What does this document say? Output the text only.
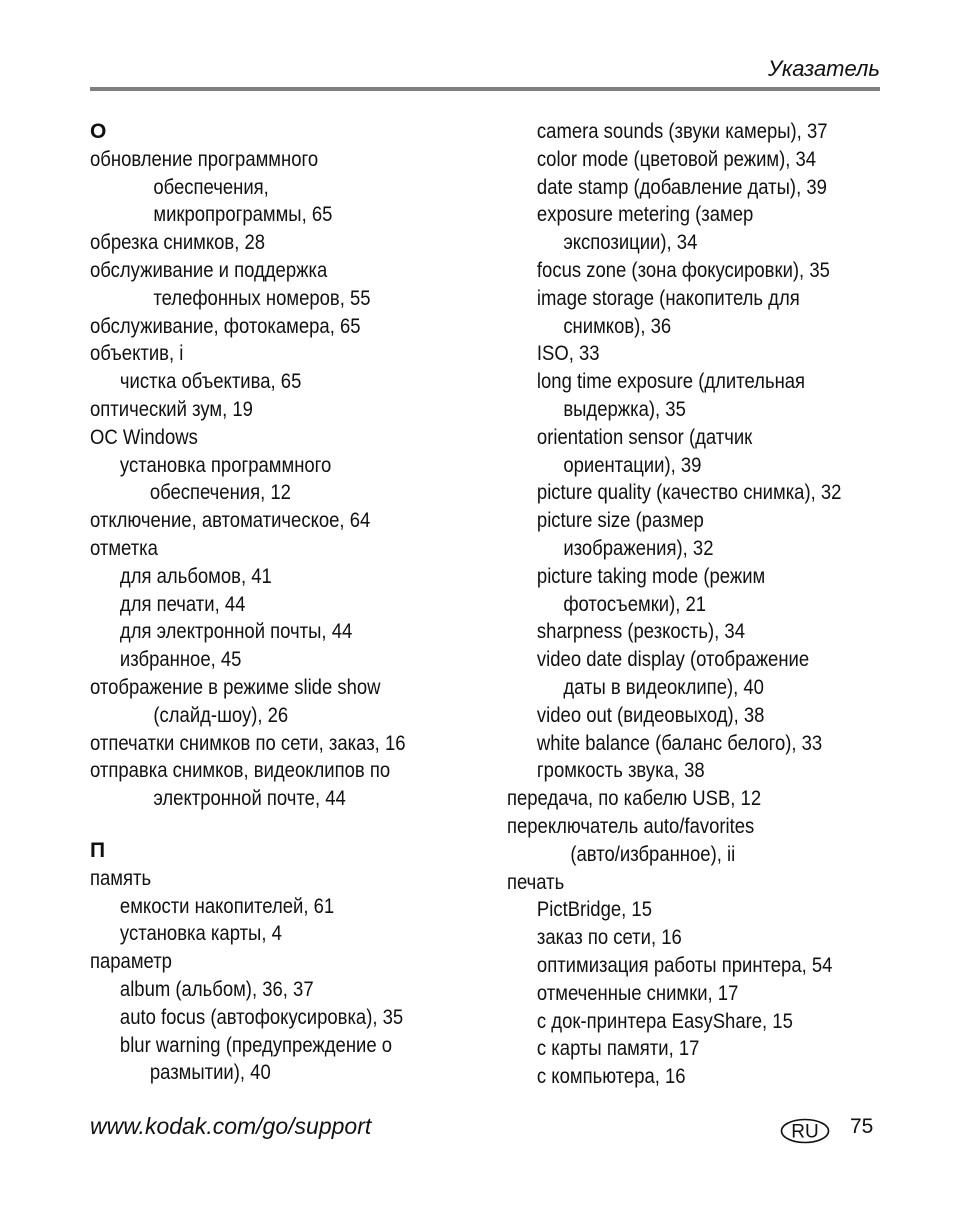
Указатель
О
обновление программного
обеспечения,
микропрограммы, 65
обрезка снимков, 28
обслуживание и поддержка
телефонных номеров, 55
обслуживание, фотокамера, 65
объектив, i
чистка объектива, 65
оптический зум, 19
ОС Windows
установка программного
обеспечения, 12
отключение, автоматическое, 64
отметка
для альбомов, 41
для печати, 44
для электронной почты, 44
избранное, 45
отображение в режиме slide show
(слайд-шоу), 26
отпечатки снимков по сети, заказ, 16
отправка снимков, видеоклипов по
электронной почте, 44
П
память
емкости накопителей, 61
установка карты, 4
параметр
album (альбом), 36, 37
auto focus (автофокусировка), 35
blur warning (предупреждение о
размытии), 40
camera sounds (звуки камеры), 37
color mode (цветовой режим), 34
date stamp (добавление даты), 39
exposure metering (замер
экспозиции), 34
focus zone (зона фокусировки), 35
image storage (накопитель для
снимков), 36
ISO, 33
long time exposure (длительная
выдержка), 35
orientation sensor (датчик
ориентации), 39
picture quality (качество снимка), 32
picture size (размер
изображения), 32
picture taking mode (режим
фотосъемки), 21
sharpness (резкость), 34
video date display (отображение
даты в видеоклипе), 40
video out (видеовыход), 38
white balance (баланс белого), 33
громкость звука, 38
передача, по кабелю USB, 12
переключатель auto/favorites
(авто/избранное), ii
печать
PictBridge, 15
заказ по сети, 16
оптимизация работы принтера, 54
отмеченные снимки, 17
с док-принтера EasyShare, 15
с карты памяти, 17
с компьютера, 16
www.kodak.com/go/support	RU 75
